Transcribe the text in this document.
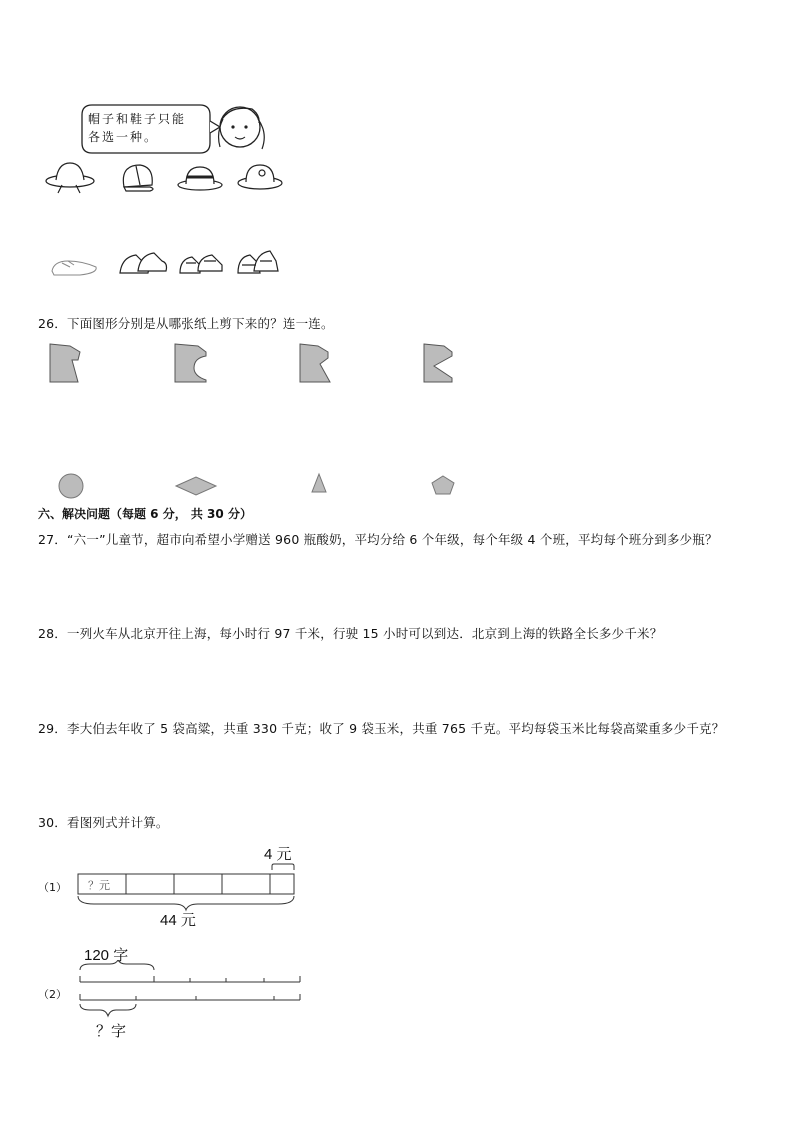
帽子和鞋子只能
各选一种。
26．下面图形分别是从哪张纸上剪下来的？连一连。
六、解决问题（每题 6 分， 共 30 分）
27．“六一”儿童节，超市向希望小学赠送 960 瓶酸奶，平均分给 6 个年级，每个年级 4 个班，平均每个班分到多少瓶？
28．一列火车从北京开往上海，每小时行 97 千米，行驶 15 小时可以到达．北京到上海的铁路全长多少千米？
29．李大伯去年收了 5 袋高粱，共重 330 千克；收了 9 袋玉米，共重 765 千克。平均每袋玉米比每袋高粱重多少千克？
30．看图列式并计算。
（1） ？元
4 元
44 元
（2）
120 字
？字
